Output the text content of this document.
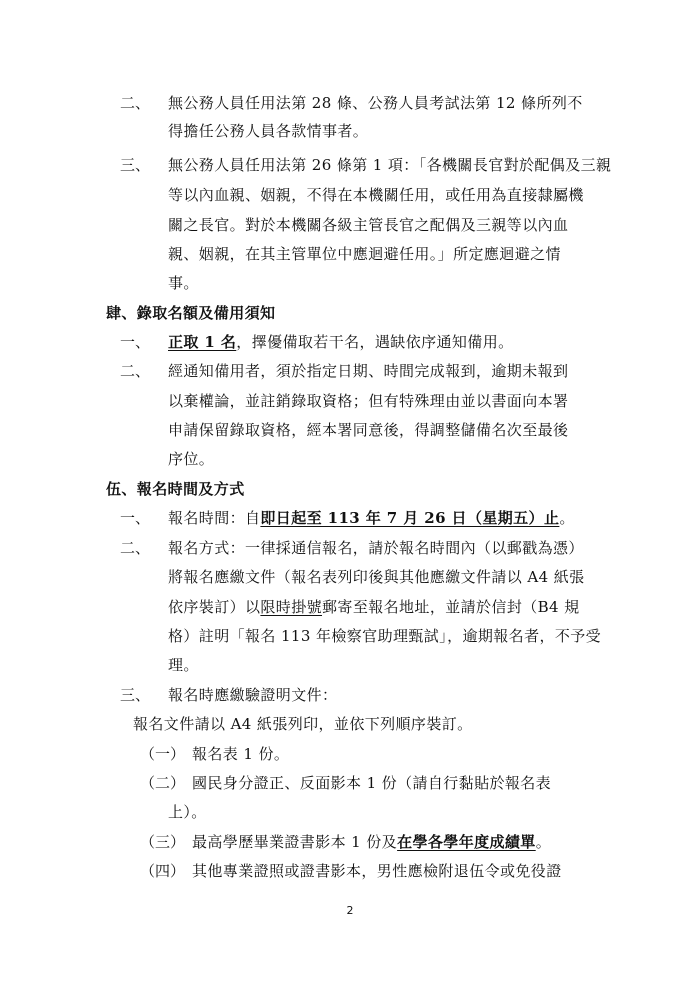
二、 無公務人員任用法第 28 條、公務人員考試法第 12 條所列不
得擔任公務人員各款情事者。
三、 無公務人員任用法第 26 條第 1 項：「各機關長官對於配偶及三親
等以內血親、姻親，不得在本機關任用，或任用為直接隸屬機
關之長官。對於本機關各級主管長官之配偶及三親等以內血
親、姻親，在其主管單位中應迴避任用。」所定應迴避之情
事。
肆、錄取名額及備用須知
一、 正取 1 名，擇優備取若干名，遇缺依序通知備用。
二、 經通知備用者，須於指定日期、時間完成報到，逾期未報到
以棄權論，並註銷錄取資格；但有特殊理由並以書面向本署
申請保留錄取資格，經本署同意後，得調整儲備名次至最後
序位。
伍、報名時間及方式
一、 報名時間：自即日起至 113 年 7 月 26 日（星期五）止。
二、 報名方式：一律採通信報名，請於報名時間內（以郵戳為憑）
將報名應繳文件（報名表列印後與其他應繳文件請以 A4 紙張
依序裝訂）以限時掛號郵寄至報名地址，並請於信封（B4 規
格）註明「報名 113 年檢察官助理甄試」，逾期報名者，不予受
理。
三、 報名時應繳驗證明文件：
報名文件請以 A4 紙張列印，並依下列順序裝訂。
（一） 報名表 1 份。
（二） 國民身分證正、反面影本 1 份（請自行黏貼於報名表
上）。
（三） 最高學歷畢業證書影本 1 份及在學各學年度成績單。
（四） 其他專業證照或證書影本，男性應檢附退伍令或免役證
2
